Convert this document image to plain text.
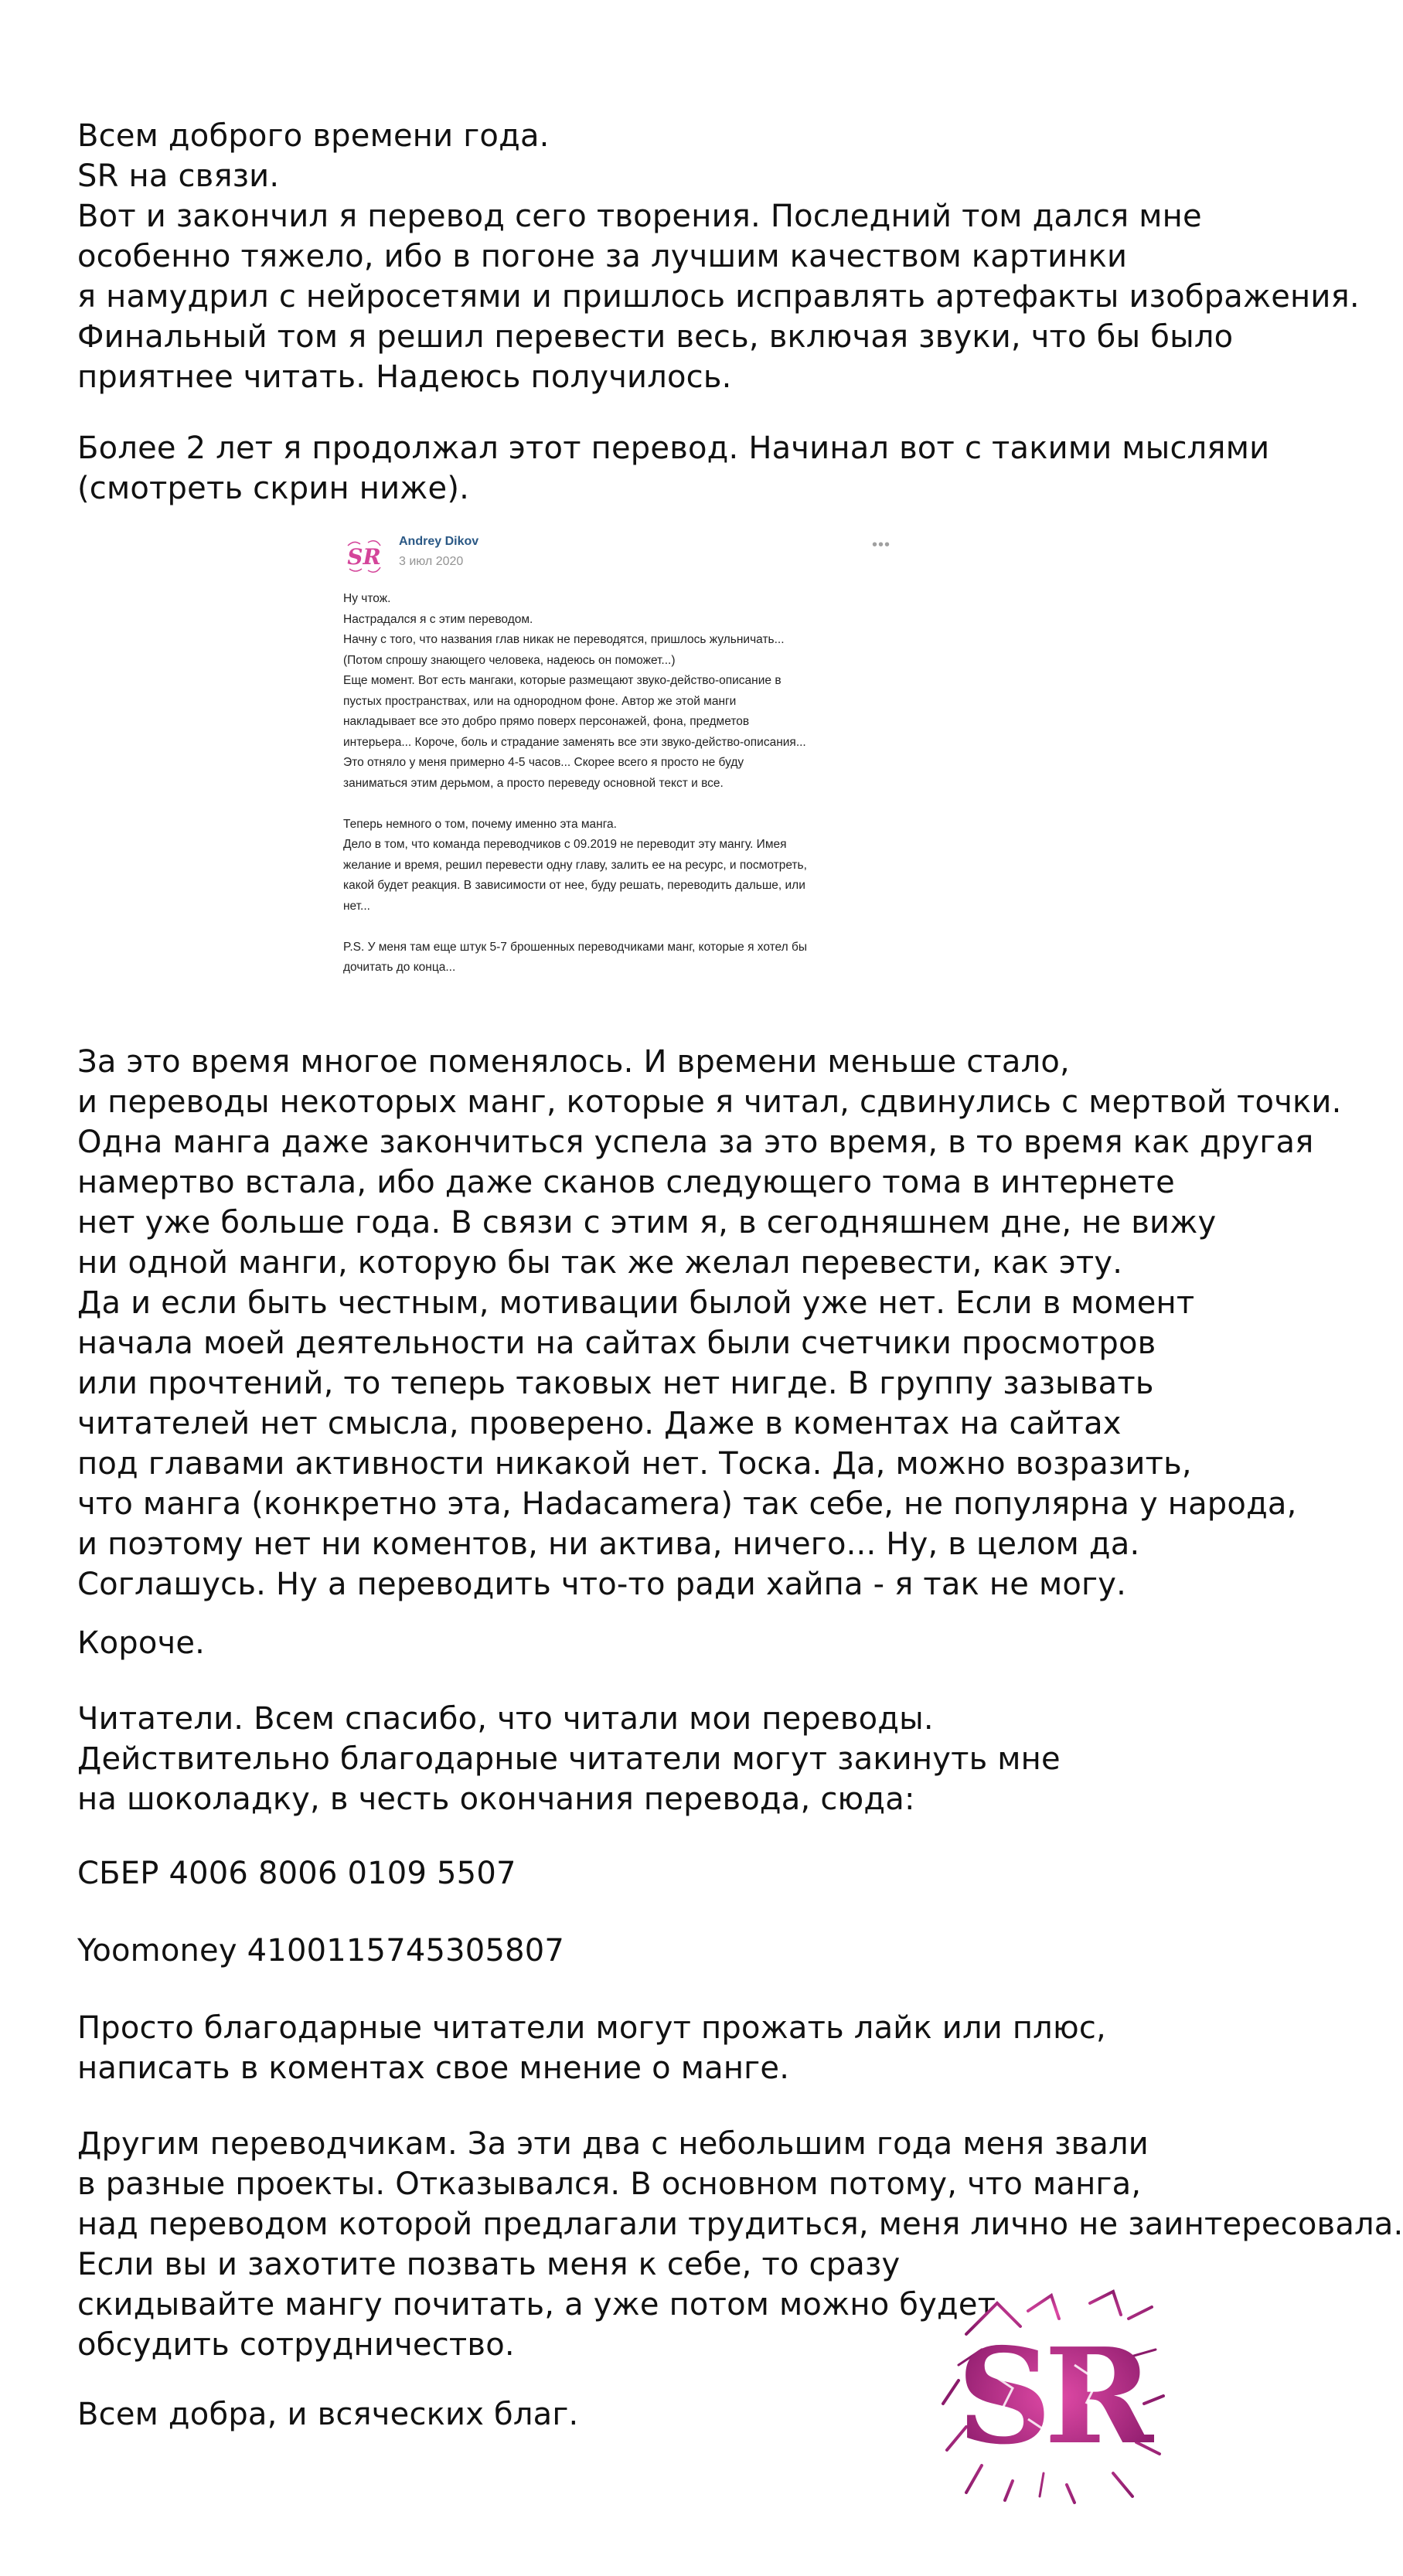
Всем доброго времени года.
SR на связи.
Вот и закончил я перевод сего творения. Последний том дался мне
особенно тяжело, ибо в погоне за лучшим качеством картинки
я намудрил с нейросетями и пришлось исправлять артефакты изображения.
Финальный том я решил перевести весь, включая звуки, что бы было
приятнее читать. Надеюсь получилось.
Более 2 лет я продолжал этот перевод. Начинал вот с такими мыслями
(смотреть скрин ниже).
SR
Andrey Dikov
3 июл 2020
•••
Ну чтож.
Настрадался я с этим переводом.
Начну с того, что названия глав никак не переводятся, пришлось жульничать...
(Потом спрошу знающего человека, надеюсь он поможет...)
Еще момент. Вот есть мангаки, которые размещают звуко-действо-описание в
пустых пространствах, или на однородном фоне. Автор же этой манги
накладывает все это добро прямо поверх персонажей, фона, предметов
интерьера... Короче, боль и страдание заменять все эти звуко-действо-описания...
Это отняло у меня примерно 4-5 часов... Скорее всего я просто не буду
заниматься этим дерьмом, а просто переведу основной текст и все.
Теперь немного о том, почему именно эта манга.
Дело в том, что команда переводчиков с 09.2019 не переводит эту мангу. Имея
желание и время, решил перевести одну главу, залить ее на ресурс, и посмотреть,
какой будет реакция. В зависимости от нее, буду решать, переводить дальше, или
нет...
P.S. У меня там еще штук 5-7 брошенных переводчиками манг, которые я хотел бы
дочитать до конца...
За это время многое поменялось. И времени меньше стало,
и переводы некоторых манг, которые я читал, сдвинулись с мертвой точки.
Одна манга даже закончиться успела за это время, в то время как другая
намертво встала, ибо даже сканов следующего тома в интернете
нет уже больше года. В связи с этим я, в сегодняшнем дне, не вижу
ни одной манги, которую бы так же желал перевести, как эту.
Да и если быть честным, мотивации былой уже нет. Если в момент
начала моей деятельности на сайтах были счетчики просмотров
или прочтений, то теперь таковых нет нигде. В группу зазывать
читателей нет смысла, проверено. Даже в коментах на сайтах
под главами активности никакой нет. Тоска. Да, можно возразить,
что манга (конкретно эта, Hadacamera) так себе, не популярна у народа,
и поэтому нет ни коментов, ни актива, ничего... Ну, в целом да.
Соглашусь. Ну а переводить что-то ради хайпа - я так не могу.
Короче.
Читатели. Всем спасибо, что читали мои переводы.
Действительно благодарные читатели могут закинуть мне
на шоколадку, в честь окончания перевода, сюда:
СБЕР 4006 8006 0109 5507
Yoomoney 4100115745305807
Просто благодарные читатели могут прожать лайк или плюс,
написать в коментах свое мнение о манге.
Другим переводчикам. За эти два с небольшим года меня звали
в разные проекты. Отказывался. В основном потому, что манга,
над переводом которой предлагали трудиться, меня лично не заинтересовала.
Если вы и захотите позвать меня к себе, то сразу
скидывайте мангу почитать, а уже потом можно будет
обсудить сотрудничество.
Всем добра, и всяческих благ.	SR
